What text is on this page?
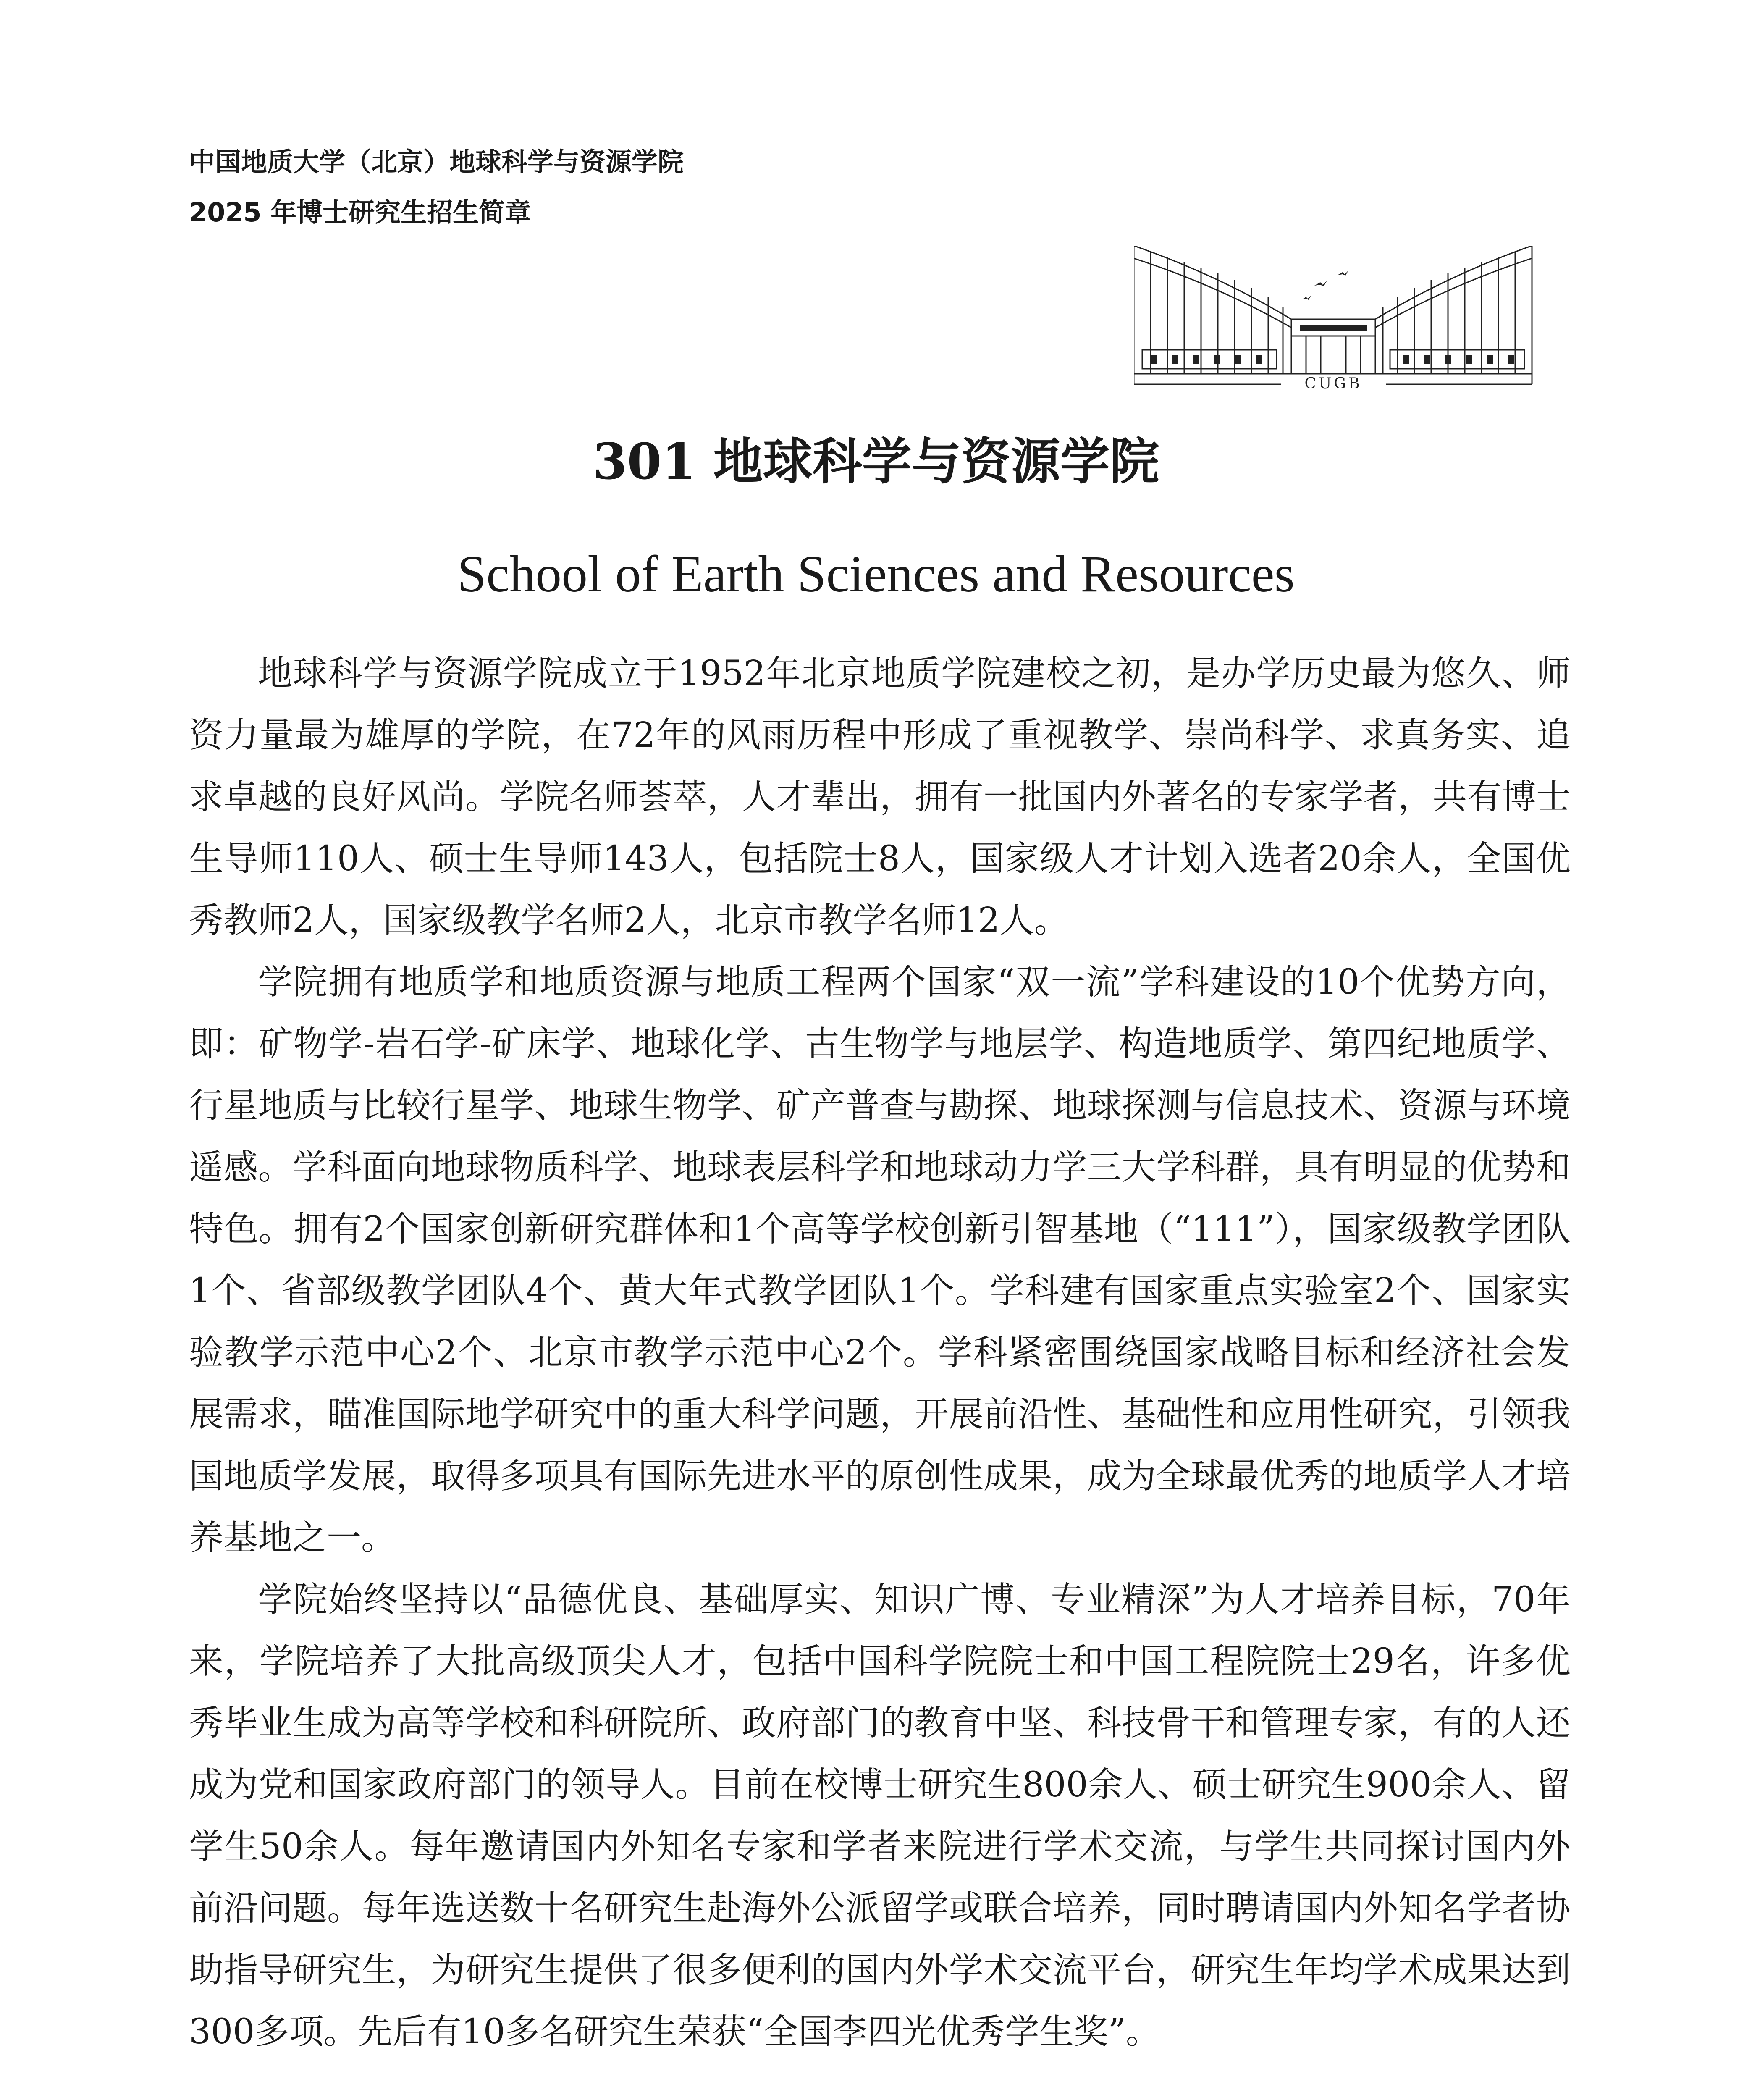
中国地质大学（北京）地球科学与资源学院
2025 年博士研究生招生简章
CUGB
301 地球科学与资源学院
School of Earth Sciences and Resources

地球科学与资源学院成立于1952年北京地质学院建校之初，是办学历史最为悠久、师资力量最为雄厚的学院，在72年的风雨历程中形成了重视教学、崇尚科学、求真务实、追求卓越的良好风尚。学院名师荟萃，人才辈出，拥有一批国内外著名的专家学者，共有博士生导师110人、硕士生导师143人，包括院士8人，国家级人才计划入选者20余人，全国优秀教师2人，国家级教学名师2人，北京市教学名师12人。

学院拥有地质学和地质资源与地质工程两个国家“双一流”学科建设的10个优势方向，即：矿物学-岩石学-矿床学、地球化学、古生物学与地层学、构造地质学、第四纪地质学、行星地质与比较行星学、地球生物学、矿产普查与勘探、地球探测与信息技术、资源与环境遥感。学科面向地球物质科学、地球表层科学和地球动力学三大学科群，具有明显的优势和特色。拥有2个国家创新研究群体和1个高等学校创新引智基地（“111”），国家级教学团队1个、省部级教学团队4个、黄大年式教学团队1个。学科建有国家重点实验室2个、国家实验教学示范中心2个、北京市教学示范中心2个。学科紧密围绕国家战略目标和经济社会发展需求，瞄准国际地学研究中的重大科学问题，开展前沿性、基础性和应用性研究，引领我国地质学发展，取得多项具有国际先进水平的原创性成果，成为全球最优秀的地质学人才培养基地之一。

学院始终坚持以“品德优良、基础厚实、知识广博、专业精深”为人才培养目标，70年来，学院培养了大批高级顶尖人才，包括中国科学院院士和中国工程院院士29名，许多优秀毕业生成为高等学校和科研院所、政府部门的教育中坚、科技骨干和管理专家，有的人还成为党和国家政府部门的领导人。目前在校博士研究生800余人、硕士研究生900余人、留学生50余人。每年邀请国内外知名专家和学者来院进行学术交流，与学生共同探讨国内外前沿问题。每年选送数十名研究生赴海外公派留学或联合培养，同时聘请国内外知名学者协助指导研究生，为研究生提供了很多便利的国内外学术交流平台，研究生年均学术成果达到300多项。先后有10多名研究生荣获“全国李四光优秀学生奖”。
